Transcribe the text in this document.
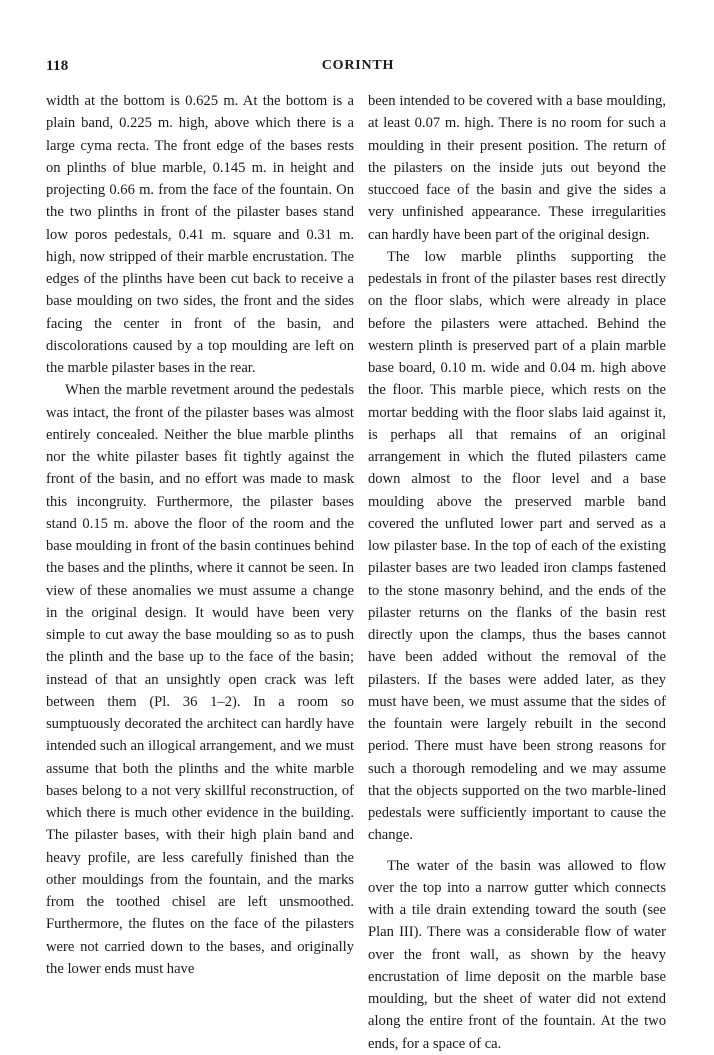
118	CORINTH

width at the bottom is 0.625 m. At the bottom is a plain band, 0.225 m. high, above which there is a large cyma recta. The front edge of the bases rests on plinths of blue marble, 0.145 m. in height and projecting 0.66 m. from the face of the fountain. On the two plinths in front of the pilaster bases stand low poros pedestals, 0.41 m. square and 0.31 m. high, now stripped of their marble encrustation. The edges of the plinths have been cut back to receive a base moulding on two sides, the front and the sides facing the center in front of the basin, and discolorations caused by a top moulding are left on the marble pilaster bases in the rear.

When the marble revetment around the pedestals was intact, the front of the pilaster bases was almost entirely concealed. Neither the blue marble plinths nor the white pilaster bases fit tightly against the front of the basin, and no effort was made to mask this incongruity. Furthermore, the pilaster bases stand 0.15 m. above the floor of the room and the base moulding in front of the basin continues behind the bases and the plinths, where it cannot be seen. In view of these anomalies we must assume a change in the original design. It would have been very simple to cut away the base moulding so as to push the plinth and the base up to the face of the basin; instead of that an unsightly open crack was left between them (Pl. 36 1–2). In a room so sumptuously decorated the architect can hardly have intended such an illogical arrangement, and we must assume that both the plinths and the white marble bases belong to a not very skillful reconstruction, of which there is much other evidence in the building. The pilaster bases, with their high plain band and heavy profile, are less carefully finished than the other mouldings from the fountain, and the marks from the toothed chisel are left unsmoothed. Furthermore, the flutes on the face of the pilasters were not carried down to the bases, and originally the lower ends must have

been intended to be covered with a base moulding, at least 0.07 m. high. There is no room for such a moulding in their present position. The return of the pilasters on the inside juts out beyond the stuccoed face of the basin and give the sides a very unfinished appearance. These irregularities can hardly have been part of the original design.

The low marble plinths supporting the pedestals in front of the pilaster bases rest directly on the floor slabs, which were already in place before the pilasters were attached. Behind the western plinth is preserved part of a plain marble base board, 0.10 m. wide and 0.04 m. high above the floor. This marble piece, which rests on the mortar bedding with the floor slabs laid against it, is perhaps all that remains of an original arrangement in which the fluted pilasters came down almost to the floor level and a base moulding above the preserved marble band covered the unfluted lower part and served as a low pilaster base. In the top of each of the existing pilaster bases are two leaded iron clamps fastened to the stone masonry behind, and the ends of the pilaster returns on the flanks of the basin rest directly upon the clamps, thus the bases cannot have been added without the removal of the pilasters. If the bases were added later, as they must have been, we must assume that the sides of the fountain were largely rebuilt in the second period. There must have been strong reasons for such a thorough remodeling and we may assume that the objects supported on the two marble-lined pedestals were sufficiently important to cause the change.

The water of the basin was allowed to flow over the top into a narrow gutter which connects with a tile drain extending toward the south (see Plan III). There was a considerable flow of water over the front wall, as shown by the heavy encrustation of lime deposit on the marble base moulding, but the sheet of water did not extend along the entire front of the fountain. At the two ends, for a space of ca.
